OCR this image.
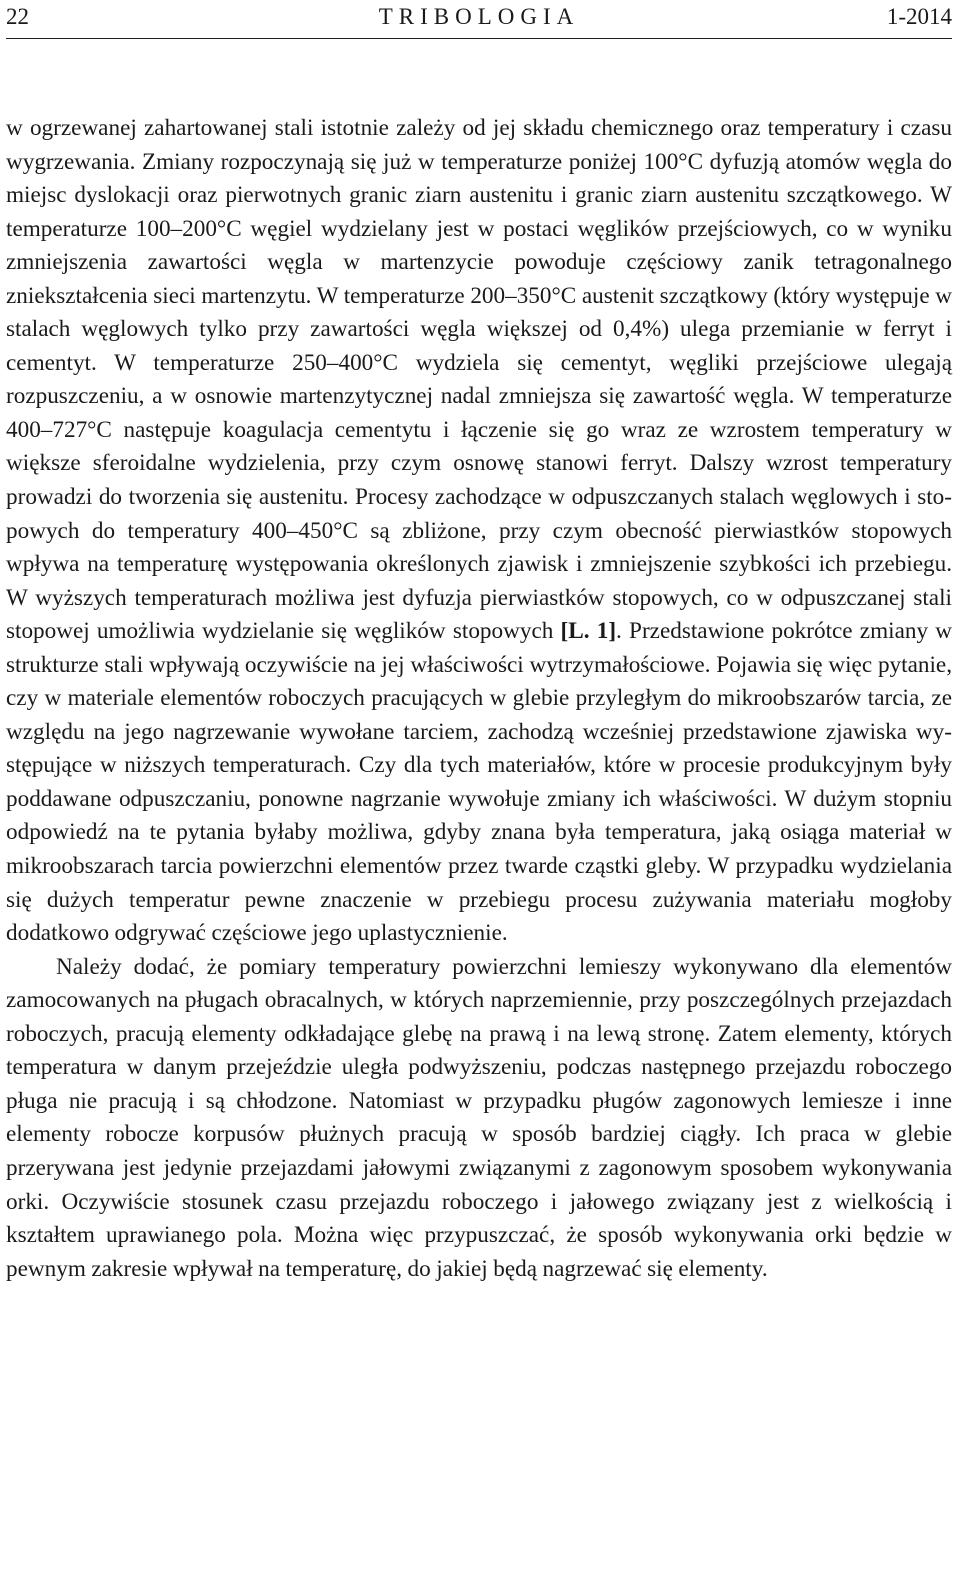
22	TRIBOLOGIA	1-2014

w ogrzewanej zahartowanej stali istotnie zależy od jej składu chemicznego oraz temperatury i czasu wygrzewania. Zmiany rozpoczynają się już w temperaturze poniżej 100°C dyfuzją atomów węgla do miejsc dyslokacji oraz pierwotnych granic ziarn austenitu i granic ziarn austenitu szczątkowego. W temperaturze 100–200°C węgiel wydzielany jest w postaci węglików przejściowych, co w wyniku zmniejszenia zawartości węgla w martenzycie powoduje częściowy zanik tetragonalnego zniekształcenia sieci martenzytu. W temperaturze 200–350°C austenit szczątkowy (który występuje w stalach węglowych tylko przy zawartości węgla większej od 0,4%) ulega przemianie w ferryt i cementyt. W temperaturze 250–400°C wydziela się cementyt, węgliki przejściowe ulegają rozpuszczeniu, a w osnowie martenzytycznej nadal zmniejsza się zawartość węgla. W temperaturze 400–727°C następuje koagulacja cementytu i łączenie się go wraz ze wzrostem temperatury w większe sferoidalne wydzielenia, przy czym osnowę stanowi ferryt. Dalszy wzrost temperatury prowadzi do tworzenia się austenitu. Procesy zachodzące w odpuszczanych stalach węglowych i stopowych do temperatury 400–450°C są zbliżone, przy czym obecność pierwiastków stopowych wpływa na temperaturę występowania określonych zjawisk i zmniejszenie szybkości ich przebiegu. W wyższych temperaturach możliwa jest dyfuzja pierwiastków stopowych, co w odpuszczanej stali stopowej umożliwia wydzielanie się węglików stopowych [L. 1]. Przedstawione pokrótce zmiany w strukturze stali wpływają oczywiście na jej właściwości wytrzymałościowe. Pojawia się więc pytanie, czy w materiale elementów roboczych pracujących w glebie przyległym do mikroobszarów tarcia, ze względu na jego nagrzewanie wywołane tarciem, zachodzą wcześniej przedstawione zjawiska występujące w niższych temperaturach. Czy dla tych materiałów, które w procesie produkcyjnym były poddawane odpuszczaniu, ponowne nagrzanie wywołuje zmiany ich właściwości. W dużym stopniu odpowiedź na te pytania byłaby możliwa, gdyby znana była temperatura, jaką osiąga materiał w mikroobszarach tarcia powierzchni elementów przez twarde cząstki gleby. W przypadku wydzielania się dużych temperatur pewne znaczenie w przebiegu procesu zużywania materiału mogłoby dodatkowo odgrywać częściowe jego uplastycznienie.

Należy dodać, że pomiary temperatury powierzchni lemieszy wykonywano dla elementów zamocowanych na pługach obracalnych, w których naprzemiennie, przy poszczególnych przejazdach roboczych, pracują elementy odkładające glebę na prawą i na lewą stronę. Zatem elementy, których temperatura w danym przejeździe uległa podwyższeniu, podczas następnego przejazdu roboczego pługa nie pracują i są chłodzone. Natomiast w przypadku pługów zagonowych lemiesze i inne elementy robocze korpusów płużnych pracują w sposób bardziej ciągły. Ich praca w glebie przerywana jest jedynie przejazdami jałowymi związanymi z zagonowym sposobem wykonywania orki. Oczywiście stosunek czasu przejazdu roboczego i jałowego związany jest z wielkością i kształtem uprawianego pola. Można więc przypuszczać, że sposób wykonywania orki będzie w pewnym zakresie wpływał na temperaturę, do jakiej będą nagrzewać się elementy.
